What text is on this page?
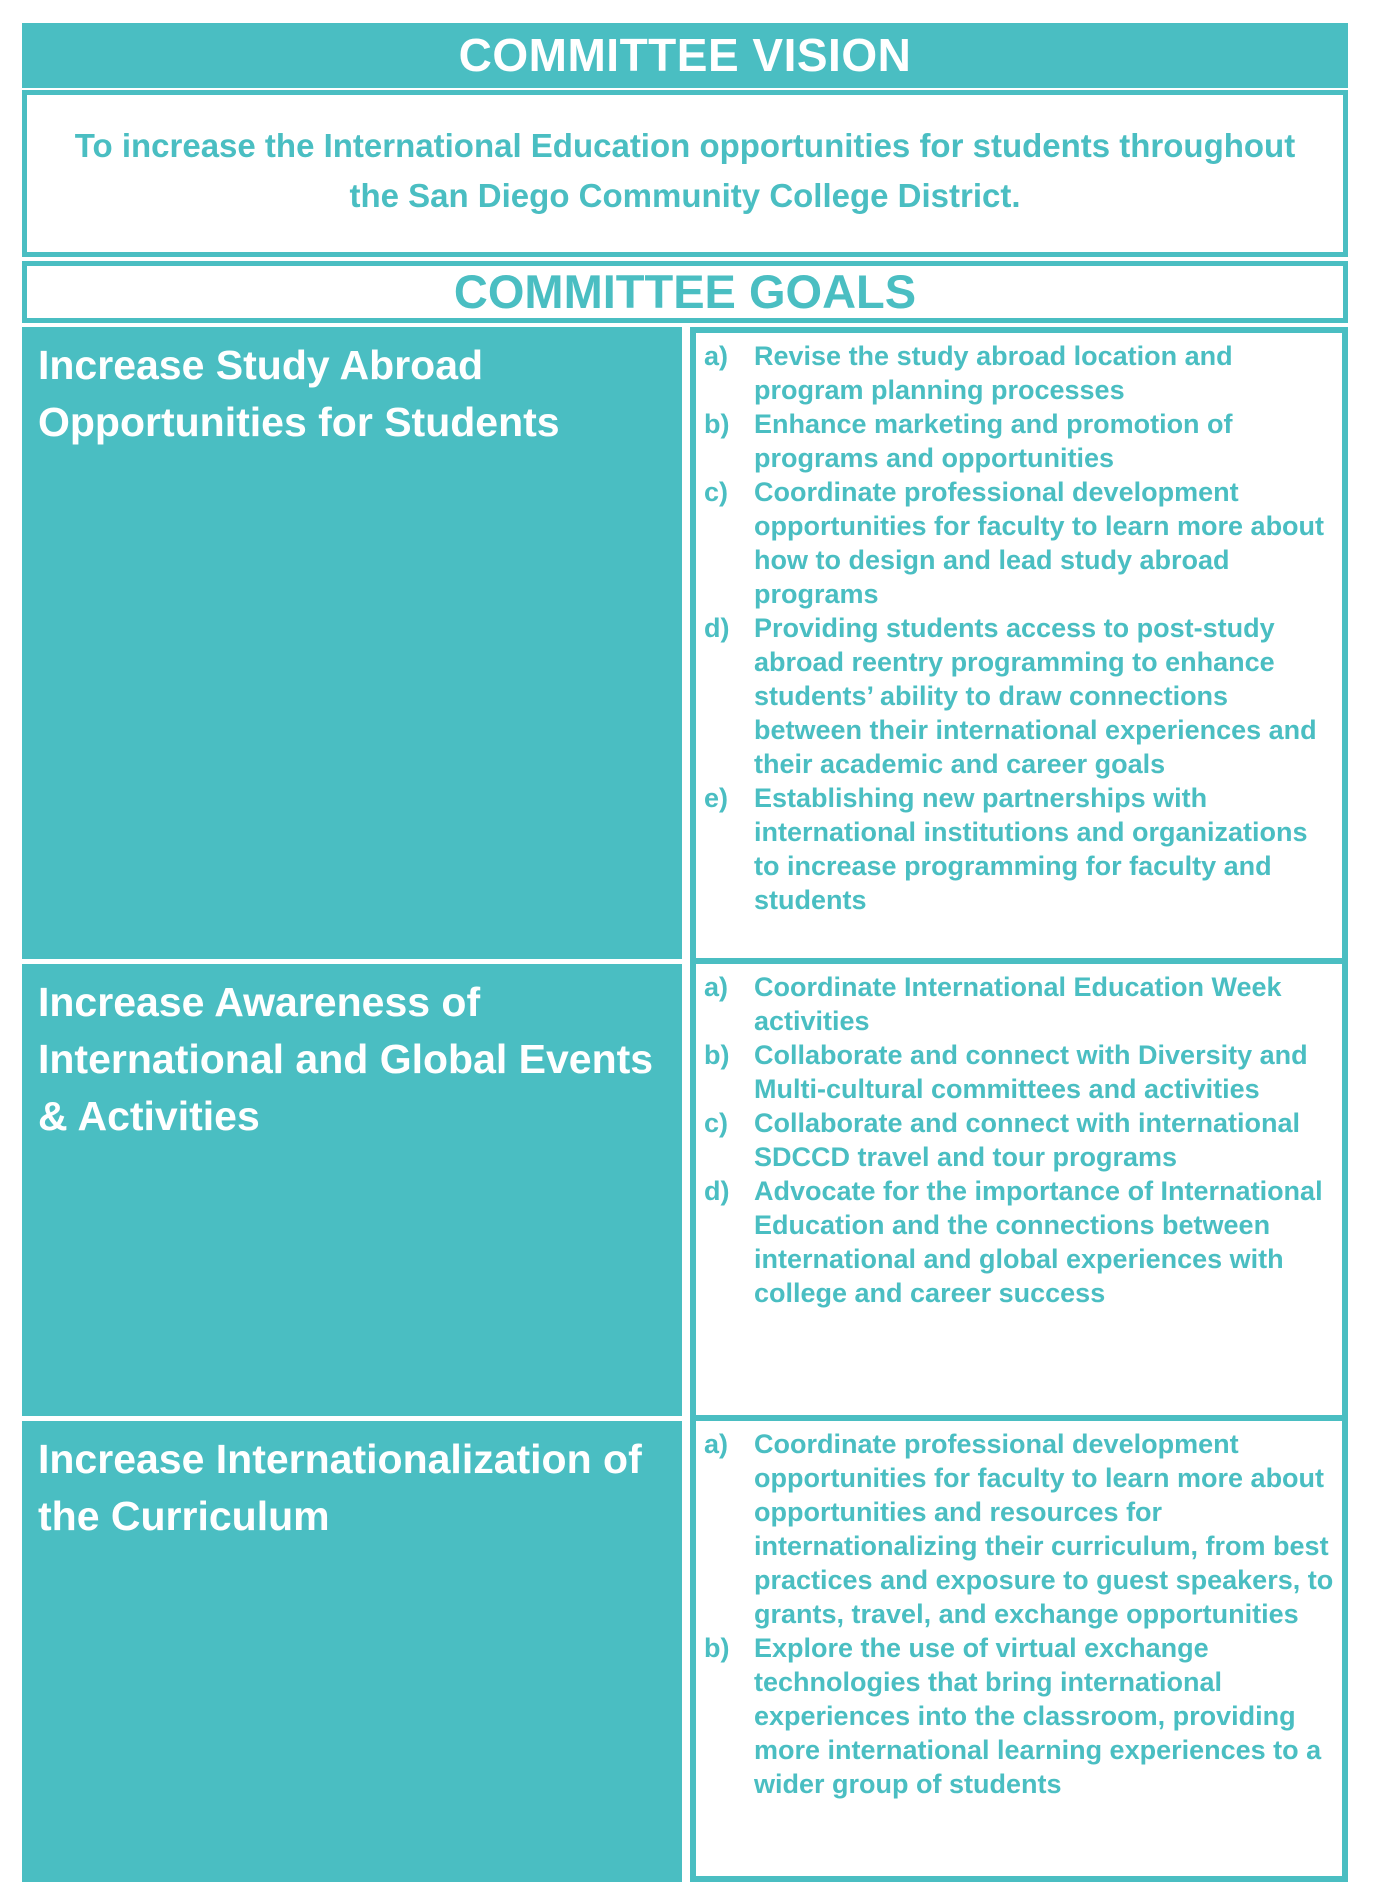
COMMITTEE VISION
To increase the International Education opportunities for students throughout the San Diego Community College District.
COMMITTEE GOALS
Increase Study Abroad Opportunities for Students
a) Revise the study abroad location and program planning processes
b) Enhance marketing and promotion of programs and opportunities
c) Coordinate professional development opportunities for faculty to learn more about how to design and lead study abroad programs
d) Providing students access to post-study abroad reentry programming to enhance students’ ability to draw connections between their international experiences and their academic and career goals
e) Establishing new partnerships with international institutions and organizations to increase programming for faculty and students
Increase Awareness of International and Global Events & Activities
a) Coordinate International Education Week activities
b) Collaborate and connect with Diversity and Multi-cultural committees and activities
c) Collaborate and connect with international SDCCD travel and tour programs
d) Advocate for the importance of International Education and the connections between international and global experiences with college and career success
Increase Internationalization of the Curriculum
a) Coordinate professional development opportunities for faculty to learn more about opportunities and resources for internationalizing their curriculum, from best practices and exposure to guest speakers, to grants, travel, and exchange opportunities
b) Explore the use of virtual exchange technologies that bring international experiences into the classroom, providing more international learning experiences to a wider group of students
